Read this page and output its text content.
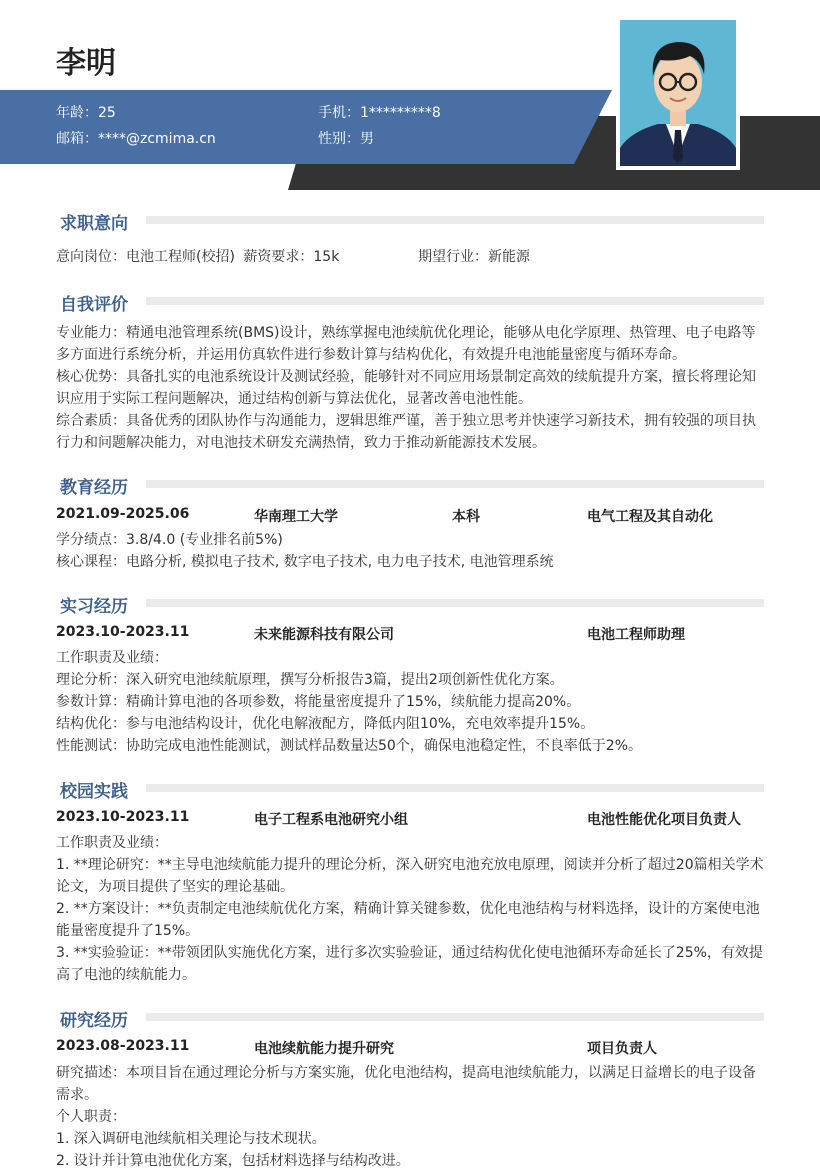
李明
年龄：25	手机：1*********8
邮箱：****@zcmima.cn	性别：男
求职意向
意向岗位：电池工程师(校招) 薪资要求：15k	期望行业：新能源
自我评价
专业能力：精通电池管理系统(BMS)设计，熟练掌握电池续航优化理论，能够从电化学原理、热管理、电子电路等
多方面进行系统分析，并运用仿真软件进行参数计算与结构优化，有效提升电池能量密度与循环寿命。
核心优势：具备扎实的电池系统设计及测试经验，能够针对不同应用场景制定高效的续航提升方案，擅长将理论知
识应用于实际工程问题解决，通过结构创新与算法优化，显著改善电池性能。
综合素质：具备优秀的团队协作与沟通能力，逻辑思维严谨，善于独立思考并快速学习新技术，拥有较强的项目执
行力和问题解决能力，对电池技术研发充满热情，致力于推动新能源技术发展。
教育经历
2021.09-2025.06	华南理工大学	本科	电气工程及其自动化
学分绩点：3.8/4.0 (专业排名前5%)
核心课程：电路分析, 模拟电子技术, 数字电子技术, 电力电子技术, 电池管理系统
实习经历
2023.10-2023.11	未来能源科技有限公司	电池工程师助理
工作职责及业绩：
理论分析：深入研究电池续航原理，撰写分析报告3篇，提出2项创新性优化方案。
参数计算：精确计算电池的各项参数，将能量密度提升了15%，续航能力提高20%。
结构优化：参与电池结构设计，优化电解液配方，降低内阻10%，充电效率提升15%。
性能测试：协助完成电池性能测试，测试样品数量达50个，确保电池稳定性，不良率低于2%。
校园实践
2023.10-2023.11	电子工程系电池研究小组	电池性能优化项目负责人
工作职责及业绩：
1. **理论研究：**主导电池续航能力提升的理论分析，深入研究电池充放电原理，阅读并分析了超过20篇相关学术
论文，为项目提供了坚实的理论基础。
2. **方案设计：**负责制定电池续航优化方案，精确计算关键参数，优化电池结构与材料选择，设计的方案使电池
能量密度提升了15%。
3. **实验验证：**带领团队实施优化方案，进行多次实验验证，通过结构优化使电池循环寿命延长了25%，有效提
高了电池的续航能力。
研究经历
2023.08-2023.11	电池续航能力提升研究	项目负责人
研究描述：本项目旨在通过理论分析与方案实施，优化电池结构，提高电池续航能力，以满足日益增长的电子设备
需求。
个人职责：
1. 深入调研电池续航相关理论与技术现状。
2. 设计并计算电池优化方案，包括材料选择与结构改进。
